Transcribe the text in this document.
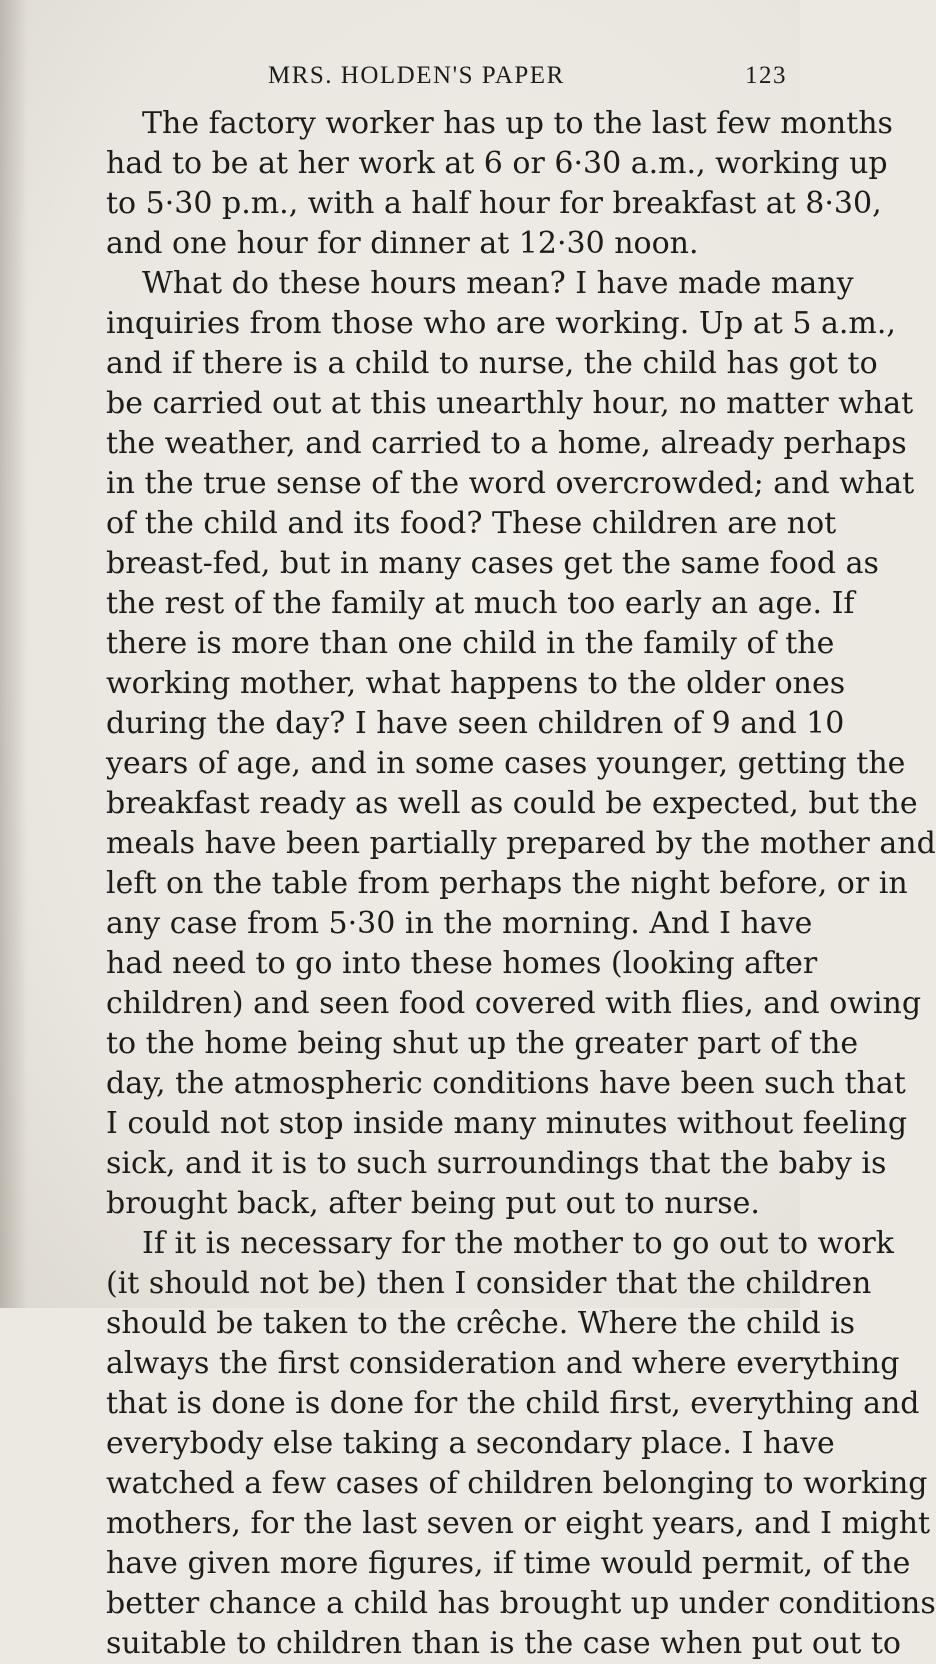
MRS. HOLDEN'S PAPER	123
The factory worker has up to the last few months
had to be at her work at 6 or 6·30 a.m., working up
to 5·30 p.m., with a half hour for breakfast at 8·30,
and one hour for dinner at 12·30 noon.
What do these hours mean? I have made many
inquiries from those who are working. Up at 5 a.m.,
and if there is a child to nurse, the child has got to
be carried out at this unearthly hour, no matter what
the weather, and carried to a home, already perhaps
in the true sense of the word overcrowded; and what
of the child and its food? These children are not
breast-fed, but in many cases get the same food as
the rest of the family at much too early an age. If
there is more than one child in the family of the
working mother, what happens to the older ones
during the day? I have seen children of 9 and 10
years of age, and in some cases younger, getting the
breakfast ready as well as could be expected, but the
meals have been partially prepared by the mother and
left on the table from perhaps the night before, or in
any case from 5·30 in the morning. And I have
had need to go into these homes (looking after
children) and seen food covered with flies, and owing
to the home being shut up the greater part of the
day, the atmospheric conditions have been such that
I could not stop inside many minutes without feeling
sick, and it is to such surroundings that the baby is
brought back, after being put out to nurse.
If it is necessary for the mother to go out to work
(it should not be) then I consider that the children
should be taken to the crêche. Where the child is
always the first consideration and where everything
that is done is done for the child first, everything and
everybody else taking a secondary place. I have
watched a few cases of children belonging to working
mothers, for the last seven or eight years, and I might
have given more figures, if time would permit, of the
better chance a child has brought up under conditions
suitable to children than is the case when put out to
